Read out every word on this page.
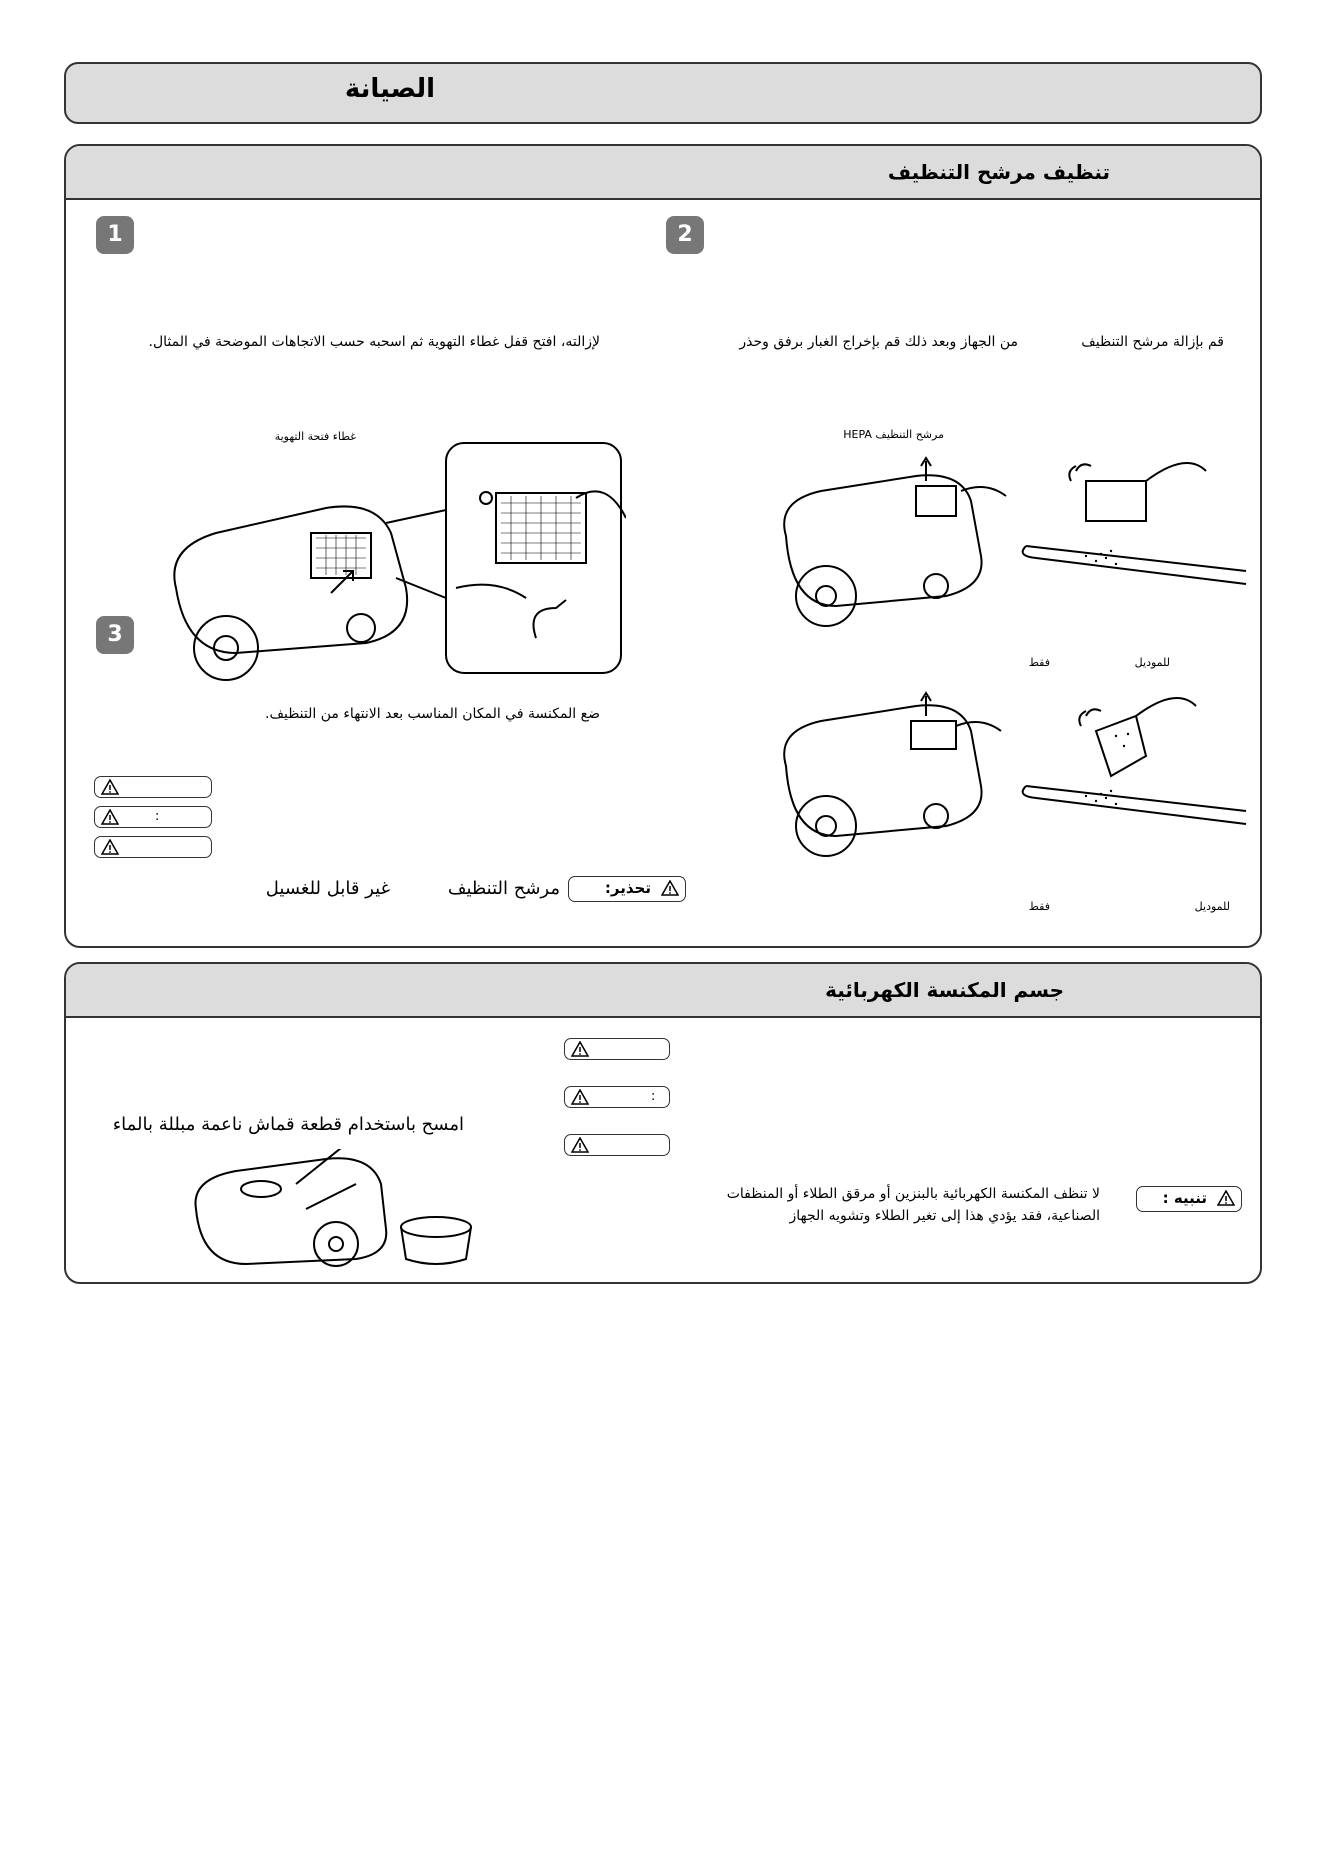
الصيانة
تنظيف مرشح التنظيف
1
لإزالته، افتح قفل غطاء التهوية ثم اسحبه حسب الاتجاهات الموضحة في المثال.
غطاء فتحة التهوية
2
قم بإزالة مرشح التنظيف
من الجهاز وبعد ذلك قم بإخراج الغبار برفق وحذر
مرشح التنظيف HEPA
للموديل
فقط
3
ضع المكنسة في المكان المناسب بعد الانتهاء من التنظيف.
:
تحذير:
مرشح التنظيف
غير قابل للغسيل
للموديل
فقط
جسم المكنسة الكهربائية
امسح باستخدام قطعة قماش ناعمة مبللة بالماء
:
تنبيه :
لا تنظف المكنسة الكهربائية بالبنزين أو مرقق الطلاء أو المنظفات
الصناعية، فقد يؤدي هذا إلى تغير الطلاء وتشويه الجهاز
